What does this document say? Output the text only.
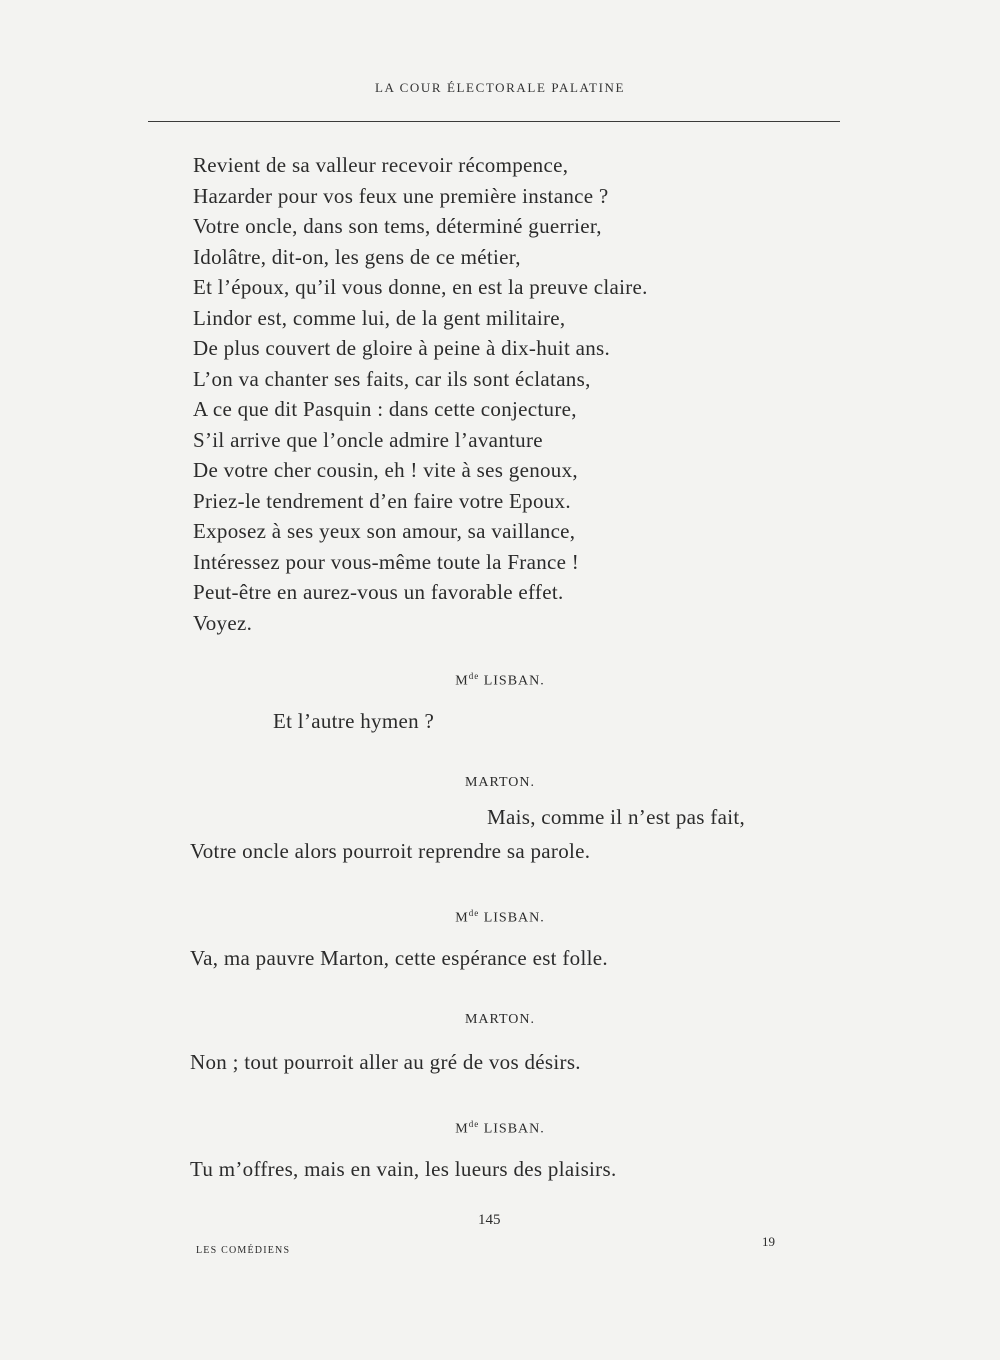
LA COUR ÉLECTORALE PALATINE
Revient de sa valleur recevoir récompence,
Hazarder pour vos feux une première instance ?
Votre oncle, dans son tems, déterminé guerrier,
Idolâtre, dit-on, les gens de ce métier,
Et l’époux, qu’il vous donne, en est la preuve claire.
Lindor est, comme lui, de la gent militaire,
De plus couvert de gloire à peine à dix-huit ans.
L’on va chanter ses faits, car ils sont éclatans,
A ce que dit Pasquin : dans cette conjecture,
S’il arrive que l’oncle admire l’avanture
De votre cher cousin, eh ! vite à ses genoux,
Priez-le tendrement d’en faire votre Epoux.
Exposez à ses yeux son amour, sa vaillance,
Intéressez pour vous-même toute la France !
Peut-être en aurez-vous un favorable effet.
Voyez.
Mde LISBAN.
Et l’autre hymen ?
MARTON.
Mais, comme il n’est pas fait,
Votre oncle alors pourroit reprendre sa parole.
Mde LISBAN.
Va, ma pauvre Marton, cette espérance est folle.
MARTON.
Non ; tout pourroit aller au gré de vos désirs.
Mde LISBAN.
Tu m’offres, mais en vain, les lueurs des plaisirs.
145
LES COMÉDIENS
19
